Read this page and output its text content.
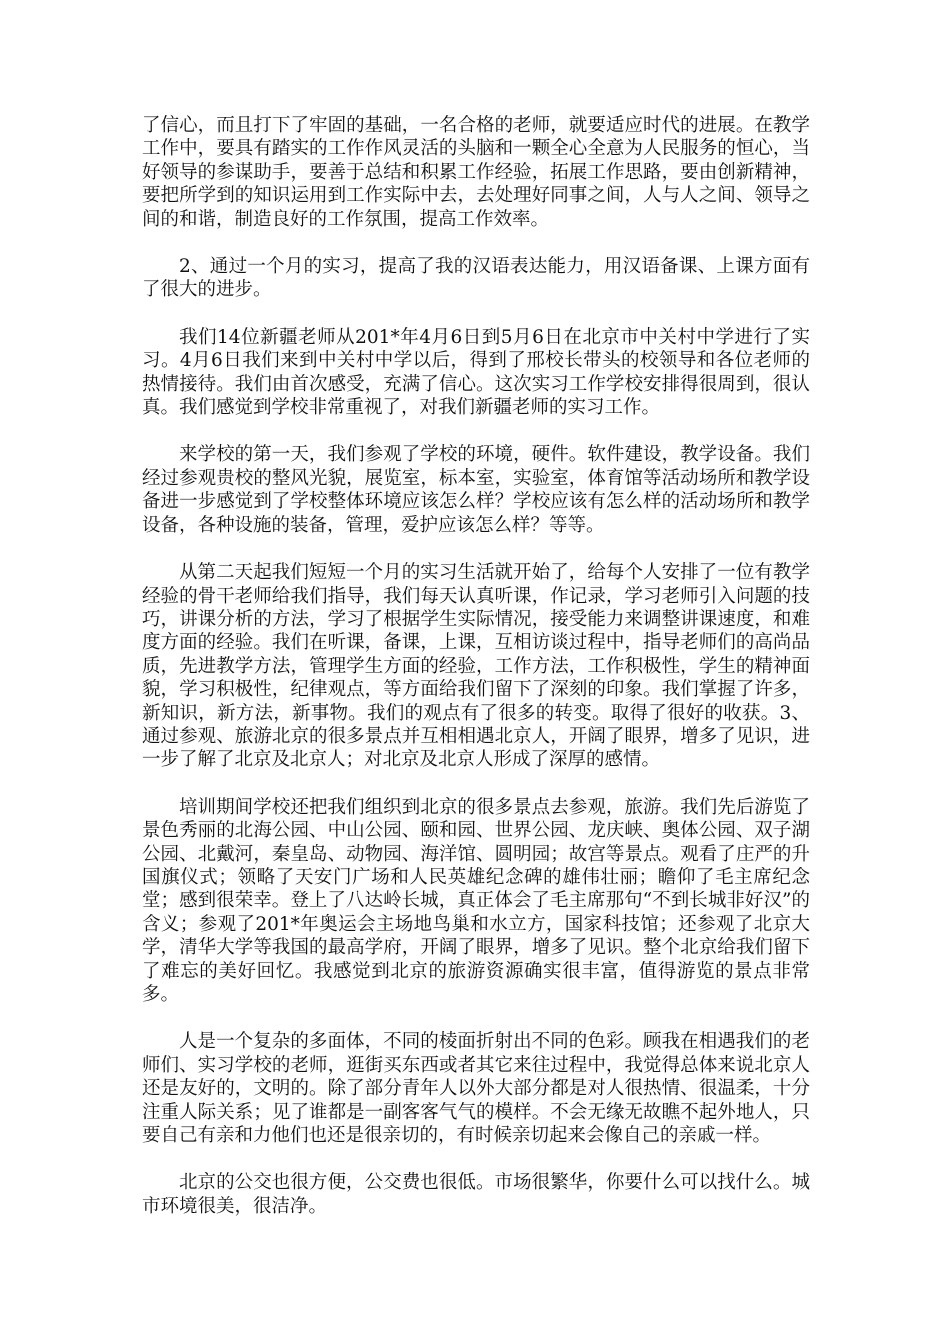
了信心，而且打下了牢固的基础，一名合格的老师，就要适应时代的进展。在教学工作中，要具有踏实的工作作风灵活的头脑和一颗全心全意为人民服务的恒心，当好领导的参谋助手，要善于总结和积累工作经验，拓展工作思路，要由创新精神，要把所学到的知识运用到工作实际中去，去处理好同事之间，人与人之间、领导之间的和谐，制造良好的工作氛围，提高工作效率。

2、通过一个月的实习，提高了我的汉语表达能力，用汉语备课、上课方面有了很大的进步。

我们14位新疆老师从201*年4月6日到5月6日在北京市中关村中学进行了实习。4月6日我们来到中关村中学以后，得到了邢校长带头的校领导和各位老师的热情接待。我们由首次感受，充满了信心。这次实习工作学校安排得很周到，很认真。我们感觉到学校非常重视了，对我们新疆老师的实习工作。

来学校的第一天，我们参观了学校的环境，硬件。软件建设，教学设备。我们经过参观贵校的整风光貌，展览室，标本室，实验室，体育馆等活动场所和教学设备进一步感觉到了学校整体环境应该怎么样？学校应该有怎么样的活动场所和教学设备，各种设施的装备，管理，爱护应该怎么样？等等。

从第二天起我们短短一个月的实习生活就开始了，给每个人安排了一位有教学经验的骨干老师给我们指导，我们每天认真听课，作记录，学习老师引入问题的技巧，讲课分析的方法，学习了根据学生实际情况，接受能力来调整讲课速度，和难度方面的经验。我们在听课，备课，上课，互相访谈过程中，指导老师们的高尚品质，先进教学方法，管理学生方面的经验，工作方法，工作积极性，学生的精神面貌，学习积极性，纪律观点，等方面给我们留下了深刻的印象。我们掌握了许多，新知识，新方法，新事物。我们的观点有了很多的转变。取得了很好的收获。3、通过参观、旅游北京的很多景点并互相相遇北京人，开阔了眼界，增多了见识，进一步了解了北京及北京人；对北京及北京人形成了深厚的感情。

培训期间学校还把我们组织到北京的很多景点去参观，旅游。我们先后游览了景色秀丽的北海公园、中山公园、颐和园、世界公园、龙庆峡、奥体公园、双子湖公园、北戴河，秦皇岛、动物园、海洋馆、圆明园；故宫等景点。观看了庄严的升国旗仪式；领略了天安门广场和人民英雄纪念碑的雄伟壮丽；瞻仰了毛主席纪念堂；感到很荣幸。登上了八达岭长城，真正体会了毛主席那句“不到长城非好汉”的含义；参观了201*年奥运会主场地鸟巢和水立方，国家科技馆；还参观了北京大学，清华大学等我国的最高学府，开阔了眼界，增多了见识。整个北京给我们留下了难忘的美好回忆。我感觉到北京的旅游资源确实很丰富，值得游览的景点非常多。

人是一个复杂的多面体，不同的棱面折射出不同的色彩。顾我在相遇我们的老师们、实习学校的老师，逛街买东西或者其它来往过程中，我觉得总体来说北京人还是友好的，文明的。除了部分青年人以外大部分都是对人很热情、很温柔，十分注重人际关系；见了谁都是一副客客气气的模样。不会无缘无故瞧不起外地人，只要自己有亲和力他们也还是很亲切的，有时候亲切起来会像自己的亲戚一样。

北京的公交也很方便，公交费也很低。市场很繁华，你要什么可以找什么。城市环境很美，很洁净。
